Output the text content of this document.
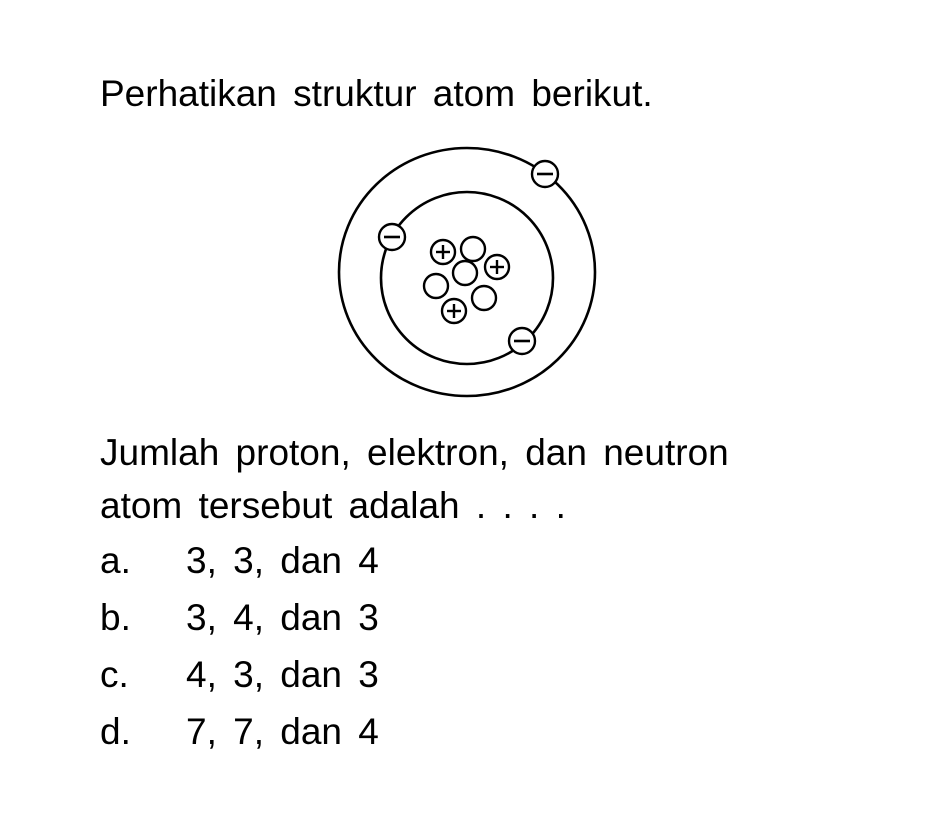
Perhatikan struktur atom berikut.
Jumlah proton, elektron, dan neutron
atom tersebut adalah . . . .
a. 3, 3, dan 4
b. 3, 4, dan 3
c. 4, 3, dan 3
d. 7, 7, dan 4
